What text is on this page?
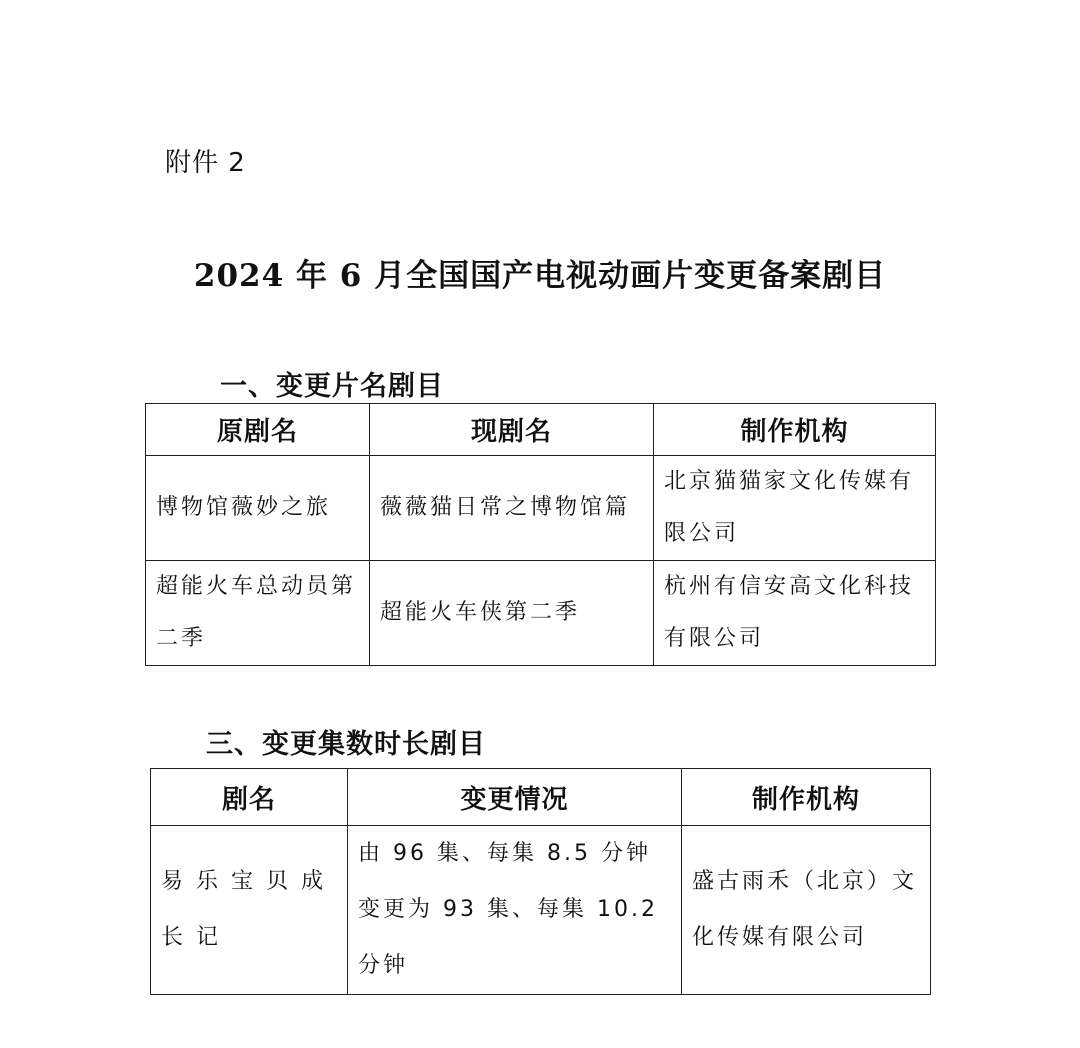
附件 2
2024 年 6 月全国国产电视动画片变更备案剧目
一、变更片名剧目
原剧名	现剧名	制作机构
博物馆薇妙之旅	薇薇猫日常之博物馆篇	北京猫猫家文化传媒有限公司
超能火车总动员第二季	超能火车侠第二季	杭州有信安高文化科技有限公司
三、变更集数时长剧目
剧名	变更情况	制作机构
易 乐 宝 贝 成 长 记	由 96 集、每集 8.5 分钟变更为 93 集、每集 10.2 分钟	盛古雨禾（北京）文化传媒有限公司
